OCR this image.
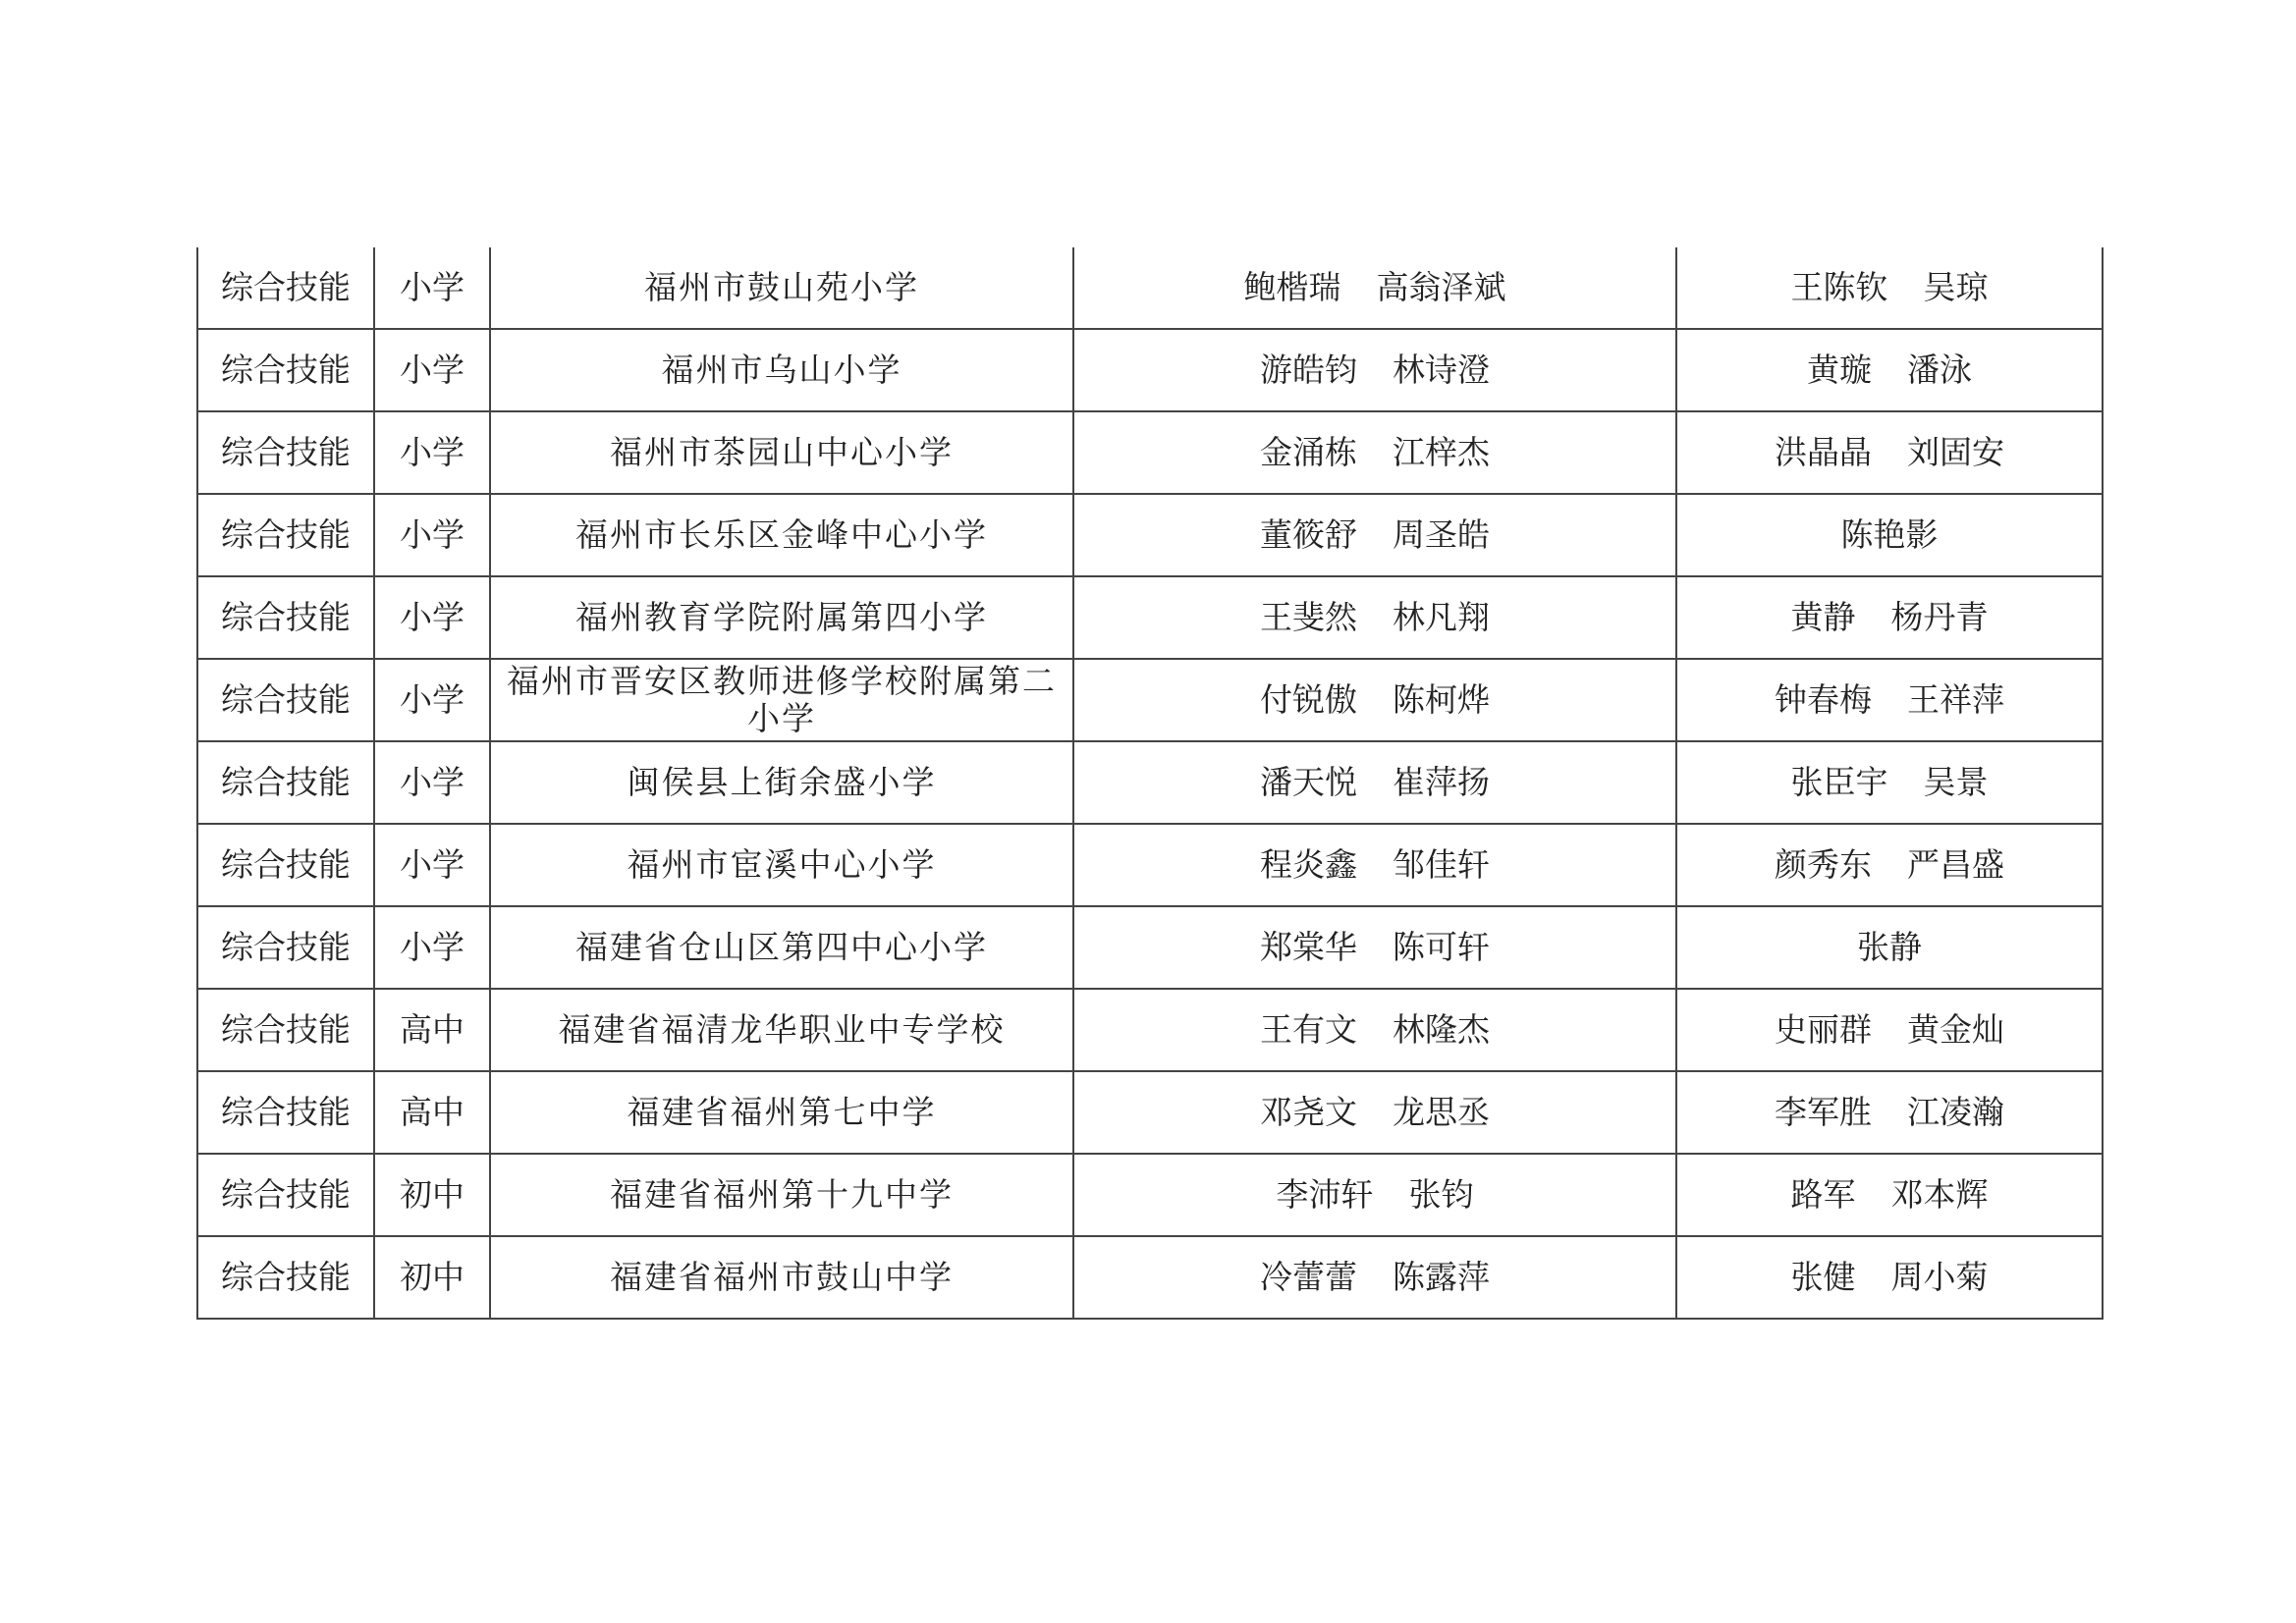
综合技能	小学	福州市鼓山苑小学	鲍楷瑞 高翁泽斌	王陈钦 吴琼
综合技能	小学	福州市乌山小学	游皓钧 林诗澄	黄璇 潘泳
综合技能	小学	福州市茶园山中心小学	金涌栋 江梓杰	洪晶晶 刘固安
综合技能	小学	福州市长乐区金峰中心小学	董筱舒 周圣皓	陈艳影
综合技能	小学	福州教育学院附属第四小学	王斐然 林凡翔	黄静 杨丹青
综合技能	小学	福州市晋安区教师进修学校附属第二小学	付锐傲 陈柯烨	钟春梅 王祥萍
综合技能	小学	闽侯县上街余盛小学	潘天悦 崔萍扬	张臣宇 吴景
综合技能	小学	福州市宦溪中心小学	程炎鑫 邹佳轩	颜秀东 严昌盛
综合技能	小学	福建省仓山区第四中心小学	郑棠华 陈可轩	张静
综合技能	高中	福建省福清龙华职业中专学校	王有文 林隆杰	史丽群 黄金灿
综合技能	高中	福建省福州第七中学	邓尧文 龙思丞	李军胜 江凌瀚
综合技能	初中	福建省福州第十九中学	李沛轩 张钧	路军 邓本辉
综合技能	初中	福建省福州市鼓山中学	冷蕾蕾 陈露萍	张健 周小菊
